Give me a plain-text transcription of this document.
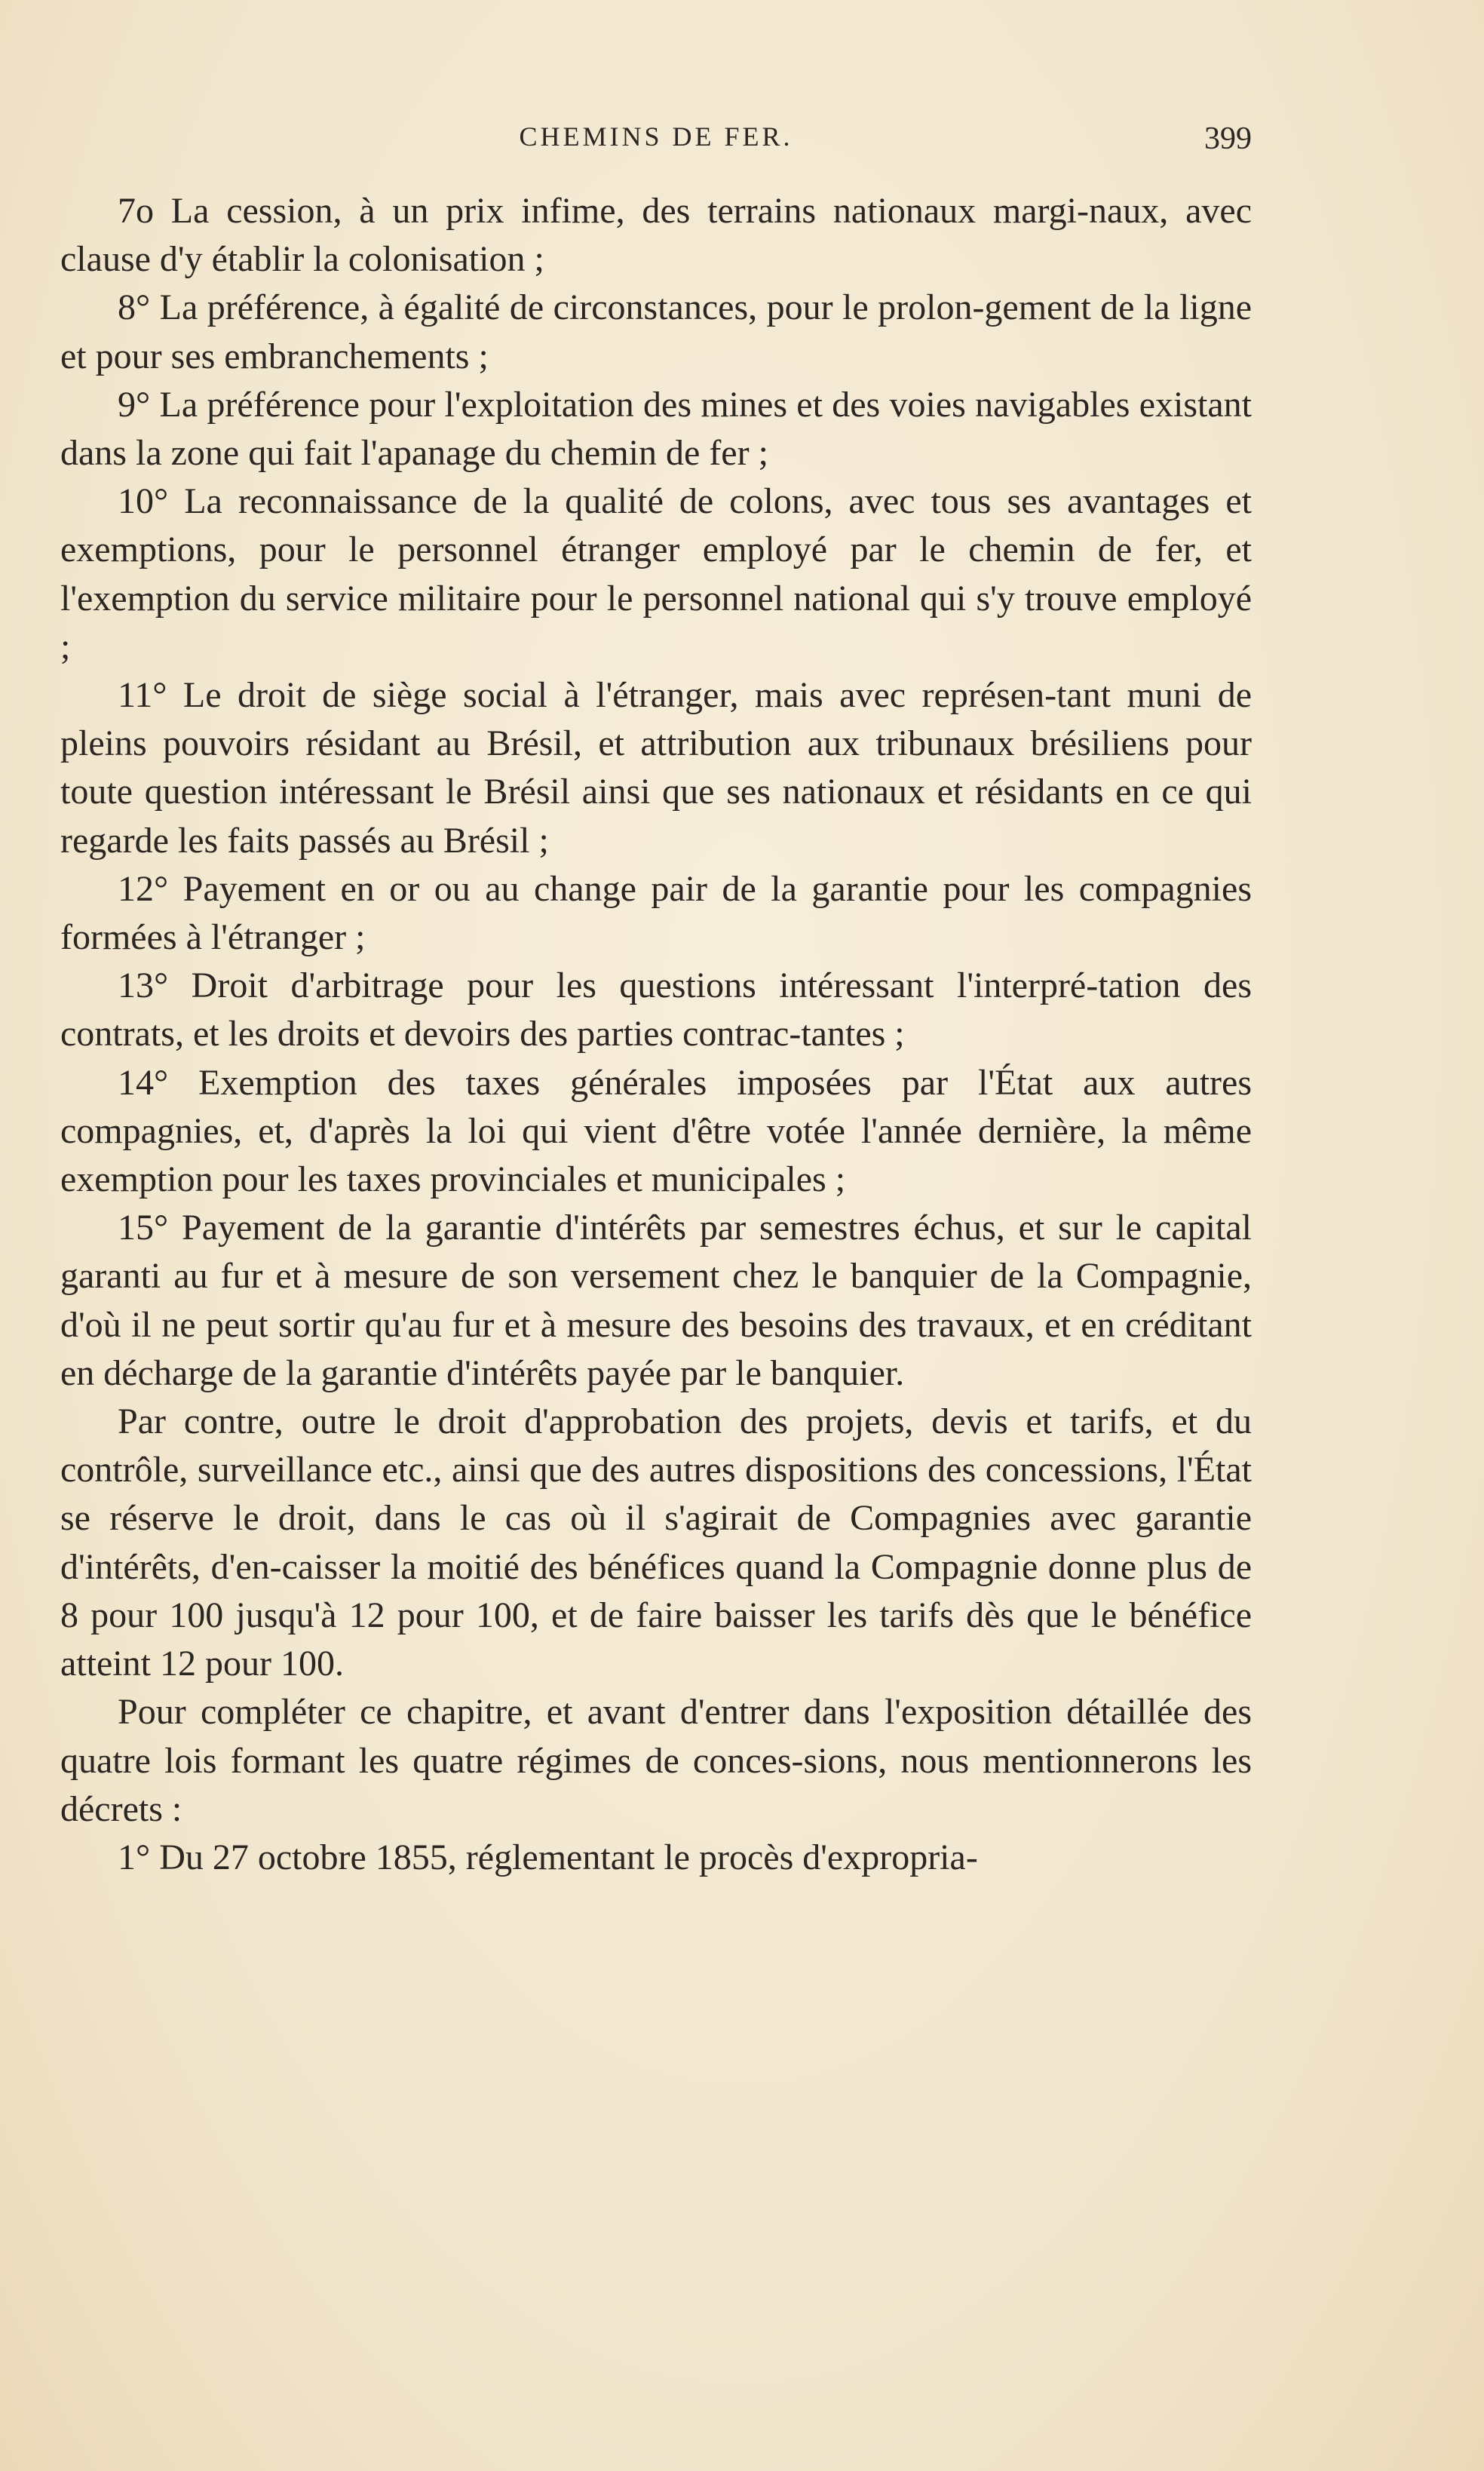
CHEMINS DE FER.	399

7o La cession, à un prix infime, des terrains nationaux margi-naux, avec clause d'y établir la colonisation ;

8° La préférence, à égalité de circonstances, pour le prolon-gement de la ligne et pour ses embranchements ;

9° La préférence pour l'exploitation des mines et des voies navigables existant dans la zone qui fait l'apanage du chemin de fer ;

10° La reconnaissance de la qualité de colons, avec tous ses avantages et exemptions, pour le personnel étranger employé par le chemin de fer, et l'exemption du service militaire pour le personnel national qui s'y trouve employé ;

11° Le droit de siège social à l'étranger, mais avec représen-tant muni de pleins pouvoirs résidant au Brésil, et attribution aux tribunaux brésiliens pour toute question intéressant le Brésil ainsi que ses nationaux et résidants en ce qui regarde les faits passés au Brésil ;

12° Payement en or ou au change pair de la garantie pour les compagnies formées à l'étranger ;

13° Droit d'arbitrage pour les questions intéressant l'interpré-tation des contrats, et les droits et devoirs des parties contrac-tantes ;

14° Exemption des taxes générales imposées par l'État aux autres compagnies, et, d'après la loi qui vient d'être votée l'année dernière, la même exemption pour les taxes provinciales et municipales ;

15° Payement de la garantie d'intérêts par semestres échus, et sur le capital garanti au fur et à mesure de son versement chez le banquier de la Compagnie, d'où il ne peut sortir qu'au fur et à mesure des besoins des travaux, et en créditant en décharge de la garantie d'intérêts payée par le banquier.

Par contre, outre le droit d'approbation des projets, devis et tarifs, et du contrôle, surveillance etc., ainsi que des autres dispositions des concessions, l'État se réserve le droit, dans le cas où il s'agirait de Compagnies avec garantie d'intérêts, d'en-caisser la moitié des bénéfices quand la Compagnie donne plus de 8 pour 100 jusqu'à 12 pour 100, et de faire baisser les tarifs dès que le bénéfice atteint 12 pour 100.

Pour compléter ce chapitre, et avant d'entrer dans l'exposition détaillée des quatre lois formant les quatre régimes de conces-sions, nous mentionnerons les décrets :

1° Du 27 octobre 1855, réglementant le procès d'expropria-
